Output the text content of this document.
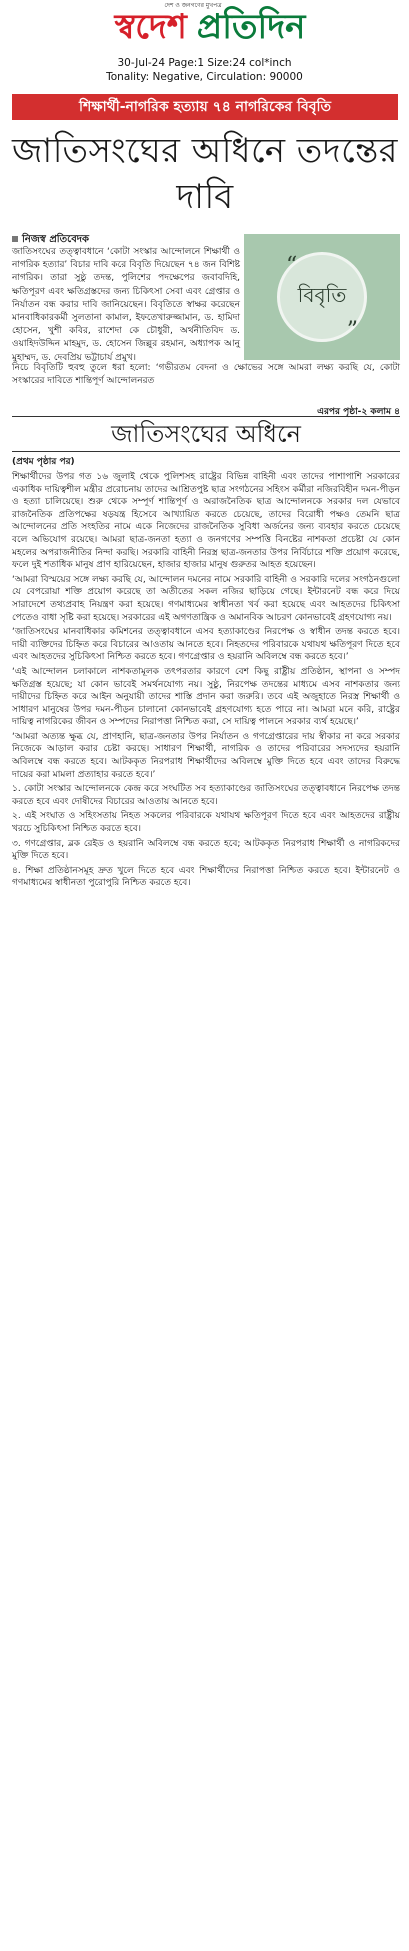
দেশ ও জনগণের মুখপত্র
স্বদেশ প্রতিদিন
30-Jul-24 Page:1 Size:24 col*inch
Tonality: Negative, Circulation: 90000
শিক্ষার্থী-নাগরিক হত্যায় ৭৪ নাগরিকের বিবৃতি
জাতিসংঘের অধিনে তদন্তের দাবি
নিজস্ব প্রতিবেদক
জাতিসংঘের তত্ত্বাবধানে ‘কোটা সংস্কার আন্দোলনে শিক্ষার্থী ও নাগরিক হত্যার’ বিচার দাবি করে বিবৃতি দিয়েছেন ৭৪ জন বিশিষ্ট নাগরিক। তারা সুষ্ঠু তদন্ত, পুলিশের পদক্ষেপের জবাবদিহি, ক্ষতিপূরণ এবং ক্ষতিগ্রস্তদের জন্য চিকিৎসা সেবা এবং গ্রেপ্তার ও নির্যাতন বন্ধ করার দাবি জানিয়েছেন। বিবৃতিতে স্বাক্ষর করেছেন মানবাধিকারকর্মী সুলতানা কামাল, ইফতেখারুজ্জামান, ড. হামিদা হোসেন, খুশী কবির, রাশেদা কে চৌধুরী, অর্থনীতিবিদ ড. ওয়াহিদউদ্দিন মাহমুদ, ড. হোসেন জিল্লুর রহমান, অধ্যাপক আনু মুহাম্মদ, ড. দেবপ্রিয় ভট্টাচার্য প্রমুখ।
“
বিবৃতি
”
নিচে বিবৃতিটি হুবহু তুলে ধরা হলো: ‘গভীরতম বেদনা ও ক্ষোভের সঙ্গে আমরা লক্ষ্য করছি যে, কোটা সংস্কারের দাবিতে শান্তিপূর্ণ আন্দোলনরত
এরপর পৃষ্ঠা-২ কলাম ৪
জাতিসংঘের অধিনে
(প্রথম পৃষ্ঠার পর)

শিক্ষার্থীদের উপর গত ১৬ জুলাই থেকে পুলিশসহ রাষ্ট্রের বিভিন্ন বাহিনী এবং তাদের পাশাপাশি সরকারের একাধিক দায়িত্বশীল মন্ত্রীর প্ররোচনায় তাদের আশ্রিতপুষ্ট ছাত্র সংগঠনের সহিংস কর্মীরা নজিরবিহীন দমন-পীড়ন ও হত্যা চালিয়েছে। শুরু থেকে সম্পূর্ণ শান্তিপূর্ণ ও অরাজনৈতিক ছাত্র আন্দোলনকে সরকার দল যেভাবে রাজনৈতিক প্রতিপক্ষের ষড়যন্ত্র হিসেবে আখ্যায়িত করতে চেয়েছে, তাদের বিরোধী পক্ষও তেমনি ছাত্র আন্দোলনের প্রতি সংহতির নামে একে নিজেদের রাজনৈতিক সুবিধা অর্জনের জন্য ব্যবহার করতে চেয়েছে বলে অভিযোগ রয়েছে। আমরা ছাত্র-জনতা হত্যা ও জনগণের সম্পত্তি বিনষ্টের নাশকতা প্রচেষ্টা যে কোন মহলের অপরাজনীতির নিন্দা করছি। সরকারি বাহিনী নিরস্ত্র ছাত্র-জনতার উপর নির্বিচারে শক্তি প্রয়োগ করেছে, ফলে দুই শতাধিক মানুষ প্রাণ হারিয়েছেন, হাজার হাজার মানুষ গুরুতর আহত হয়েছেন।

‘আমরা বিস্ময়ের সঙ্গে লক্ষ্য করছি যে, আন্দোলন দমনের নামে সরকারি বাহিনী ও সরকারি দলের সংগঠনগুলো যে বেপরোয়া শক্তি প্রয়োগ করেছে তা অতীতের সকল নজির ছাড়িয়ে গেছে। ইন্টারনেট বন্ধ করে দিয়ে সারাদেশে তথ্যপ্রবাহ নিয়ন্ত্রণ করা হয়েছে। গণমাধ্যমের স্বাধীনতা খর্ব করা হয়েছে এবং আহতদের চিকিৎসা পেতেও বাধা সৃষ্টি করা হয়েছে। সরকারের এই অগণতান্ত্রিক ও অমানবিক আচরণ কোনভাবেই গ্রহণযোগ্য নয়।

‘জাতিসংঘের মানবাধিকার কমিশনের তত্ত্বাবধানে এসব হত্যাকাণ্ডের নিরপেক্ষ ও স্বাধীন তদন্ত করতে হবে। দায়ী ব্যক্তিদের চিহ্নিত করে বিচারের আওতায় আনতে হবে। নিহতদের পরিবারকে যথাযথ ক্ষতিপূরণ দিতে হবে এবং আহতদের সুচিকিৎসা নিশ্চিত করতে হবে। গণগ্রেপ্তার ও হয়রানি অবিলম্বে বন্ধ করতে হবে।’

‘এই আন্দোলন চলাকালে নাশকতামূলক তৎপরতার কারণে বেশ কিছু রাষ্ট্রীয় প্রতিষ্ঠান, স্থাপনা ও সম্পদ ক্ষতিগ্রস্ত হয়েছে; যা কোন ভাবেই সমর্থনযোগ্য নয়। সুষ্ঠু, নিরপেক্ষ তদন্তের মাধ্যমে এসব নাশকতার জন্য দায়ীদের চিহ্নিত করে আইন অনুযায়ী তাদের শাস্তি প্রদান করা জরুরি। তবে এই অজুহাতে নিরস্ত্র শিক্ষার্থী ও সাধারণ মানুষের উপর দমন-পীড়ন চালানো কোনভাবেই গ্রহণযোগ্য হতে পারে না। আমরা মনে করি, রাষ্ট্রের দায়িত্ব নাগরিকের জীবন ও সম্পদের নিরাপত্তা নিশ্চিত করা, সে দায়িত্ব পালনে সরকার ব্যর্থ হয়েছে।’

‘আমরা অত্যন্ত ক্ষুব্ধ যে, প্রাণহানি, ছাত্র-জনতার উপর নির্যাতন ও গণগ্রেপ্তারের দায় স্বীকার না করে সরকার নিজেকে আড়াল করার চেষ্টা করছে। সাধারণ শিক্ষার্থী, নাগরিক ও তাদের পরিবারের সদস্যদের হয়রানি অবিলম্বে বন্ধ করতে হবে। আটককৃত নিরপরাধ শিক্ষার্থীদের অবিলম্বে মুক্তি দিতে হবে এবং তাদের বিরুদ্ধে দায়ের করা মামলা প্রত্যাহার করতে হবে।’

১. কোটা সংস্কার আন্দোলনকে কেন্দ্র করে সংঘটিত সব হত্যাকাণ্ডের জাতিসংঘের তত্ত্বাবধানে নিরপেক্ষ তদন্ত করতে হবে এবং দোষীদের বিচারের আওতায় আনতে হবে।

২. এই সংঘাত ও সহিংসতায় নিহত সকলের পরিবারকে যথাযথ ক্ষতিপূরণ দিতে হবে এবং আহতদের রাষ্ট্রীয় খরচে সুচিকিৎসা নিশ্চিত করতে হবে।

৩. গণগ্রেপ্তার, ব্লক রেইড ও হয়রানি অবিলম্বে বন্ধ করতে হবে; আটককৃত নিরপরাধ শিক্ষার্থী ও নাগরিকদের মুক্তি দিতে হবে।

৪. শিক্ষা প্রতিষ্ঠানসমূহ দ্রুত খুলে দিতে হবে এবং শিক্ষার্থীদের নিরাপত্তা নিশ্চিত করতে হবে। ইন্টারনেট ও গণমাধ্যমের স্বাধীনতা পুরোপুরি নিশ্চিত করতে হবে।
